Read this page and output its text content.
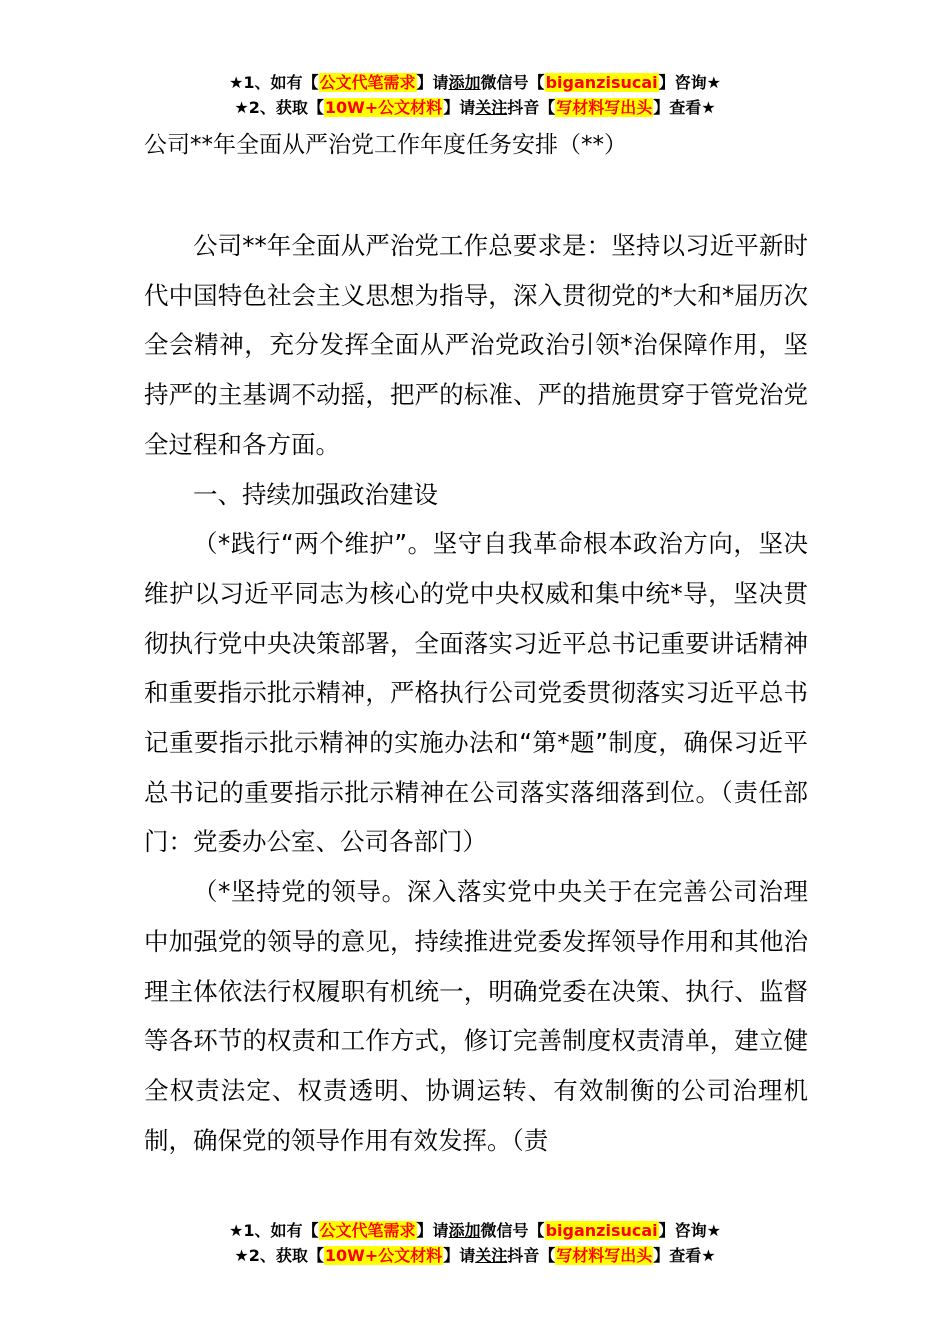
★1、如有【公文代笔需求】请添加微信号【biganzisucai】咨询★
★2、获取【10W+公文材料】请关注抖音【写材料写出头】查看★
公司**年全面从严治党工作年度任务安排（**）

公司**年全面从严治党工作总要求是：坚持以习近平新时代中国特色社会主义思想为指导，深入贯彻党的*大和*届历次全会精神，充分发挥全面从严治党政治引领*治保障作用，坚持严的主基调不动摇，把严的标准、严的措施贯穿于管党治党全过程和各方面。

一、持续加强政治建设

（*践行“两个维护”。坚守自我革命根本政治方向，坚决维护以习近平同志为核心的党中央权威和集中统*导，坚决贯彻执行党中央决策部署，全面落实习近平总书记重要讲话精神和重要指示批示精神，严格执行公司党委贯彻落实习近平总书记重要指示批示精神的实施办法和“第*题”制度，确保习近平总书记的重要指示批示精神在公司落实落细落到位。（责任部门：党委办公室、公司各部门）

（*坚持党的领导。深入落实党中央关于在完善公司治理中加强党的领导的意见，持续推进党委发挥领导作用和其他治理主体依法行权履职有机统一，明确党委在决策、执行、监督等各环节的权责和工作方式，修订完善制度权责清单，建立健全权责法定、权责透明、协调运转、有效制衡的公司治理机制，确保党的领导作用有效发挥。（责

★1、如有【公文代笔需求】请添加微信号【biganzisucai】咨询★
★2、获取【10W+公文材料】请关注抖音【写材料写出头】查看★
